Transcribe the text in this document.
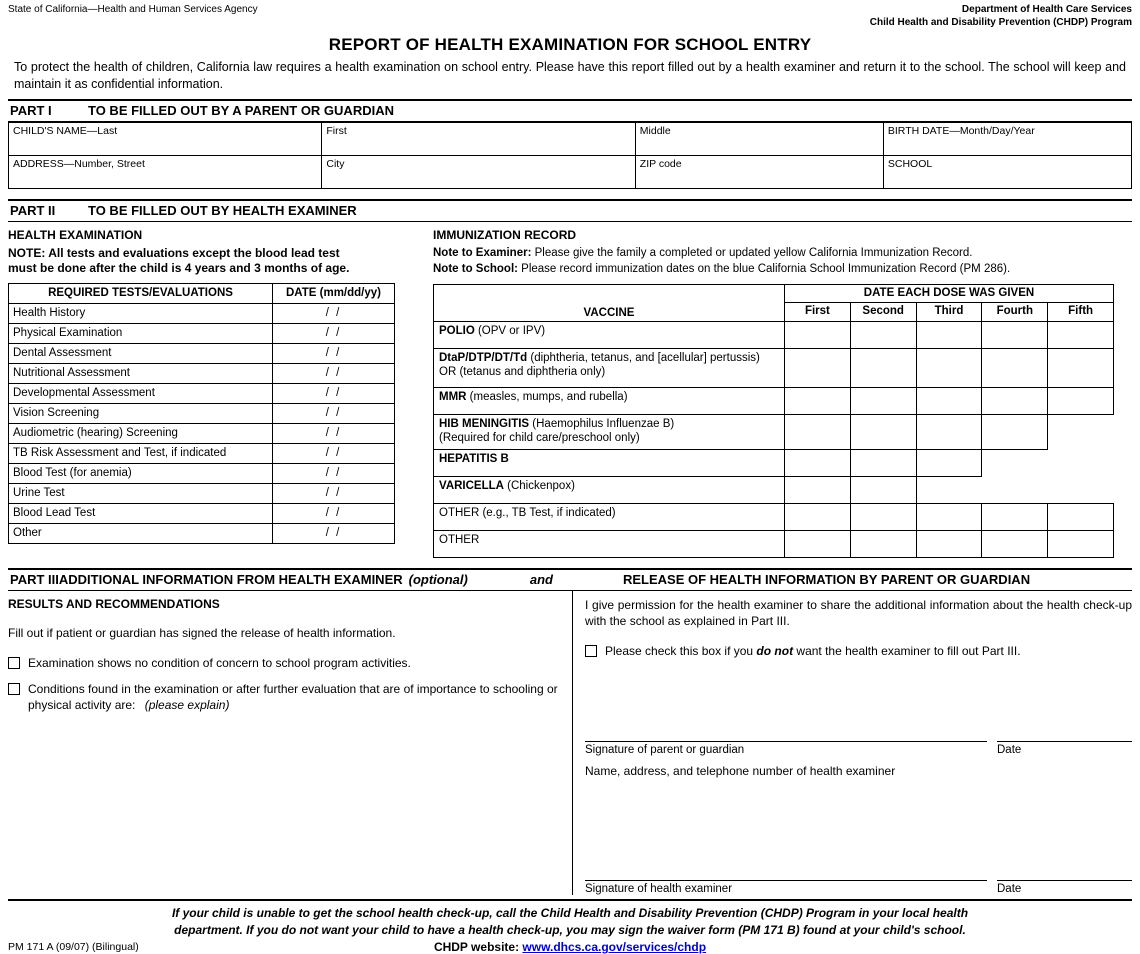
State of California—Health and Human Services Agency	Department of Health Care Services
Child Health and Disability Prevention (CHDP) Program
REPORT OF HEALTH EXAMINATION FOR SCHOOL ENTRY
To protect the health of children, California law requires a health examination on school entry. Please have this report filled out by a health examiner and return it to the school. The school will keep and maintain it as confidential information.
PART I	TO BE FILLED OUT BY A PARENT OR GUARDIAN
CHILD'S NAME—Last	First	Middle	BIRTH DATE—Month/Day/Year
ADDRESS—Number, Street	City	ZIP code	SCHOOL
PART II	TO BE FILLED OUT BY HEALTH EXAMINER
HEALTH EXAMINATION
NOTE: All tests and evaluations except the blood lead test
must be done after the child is 4 years and 3 months of age.
REQUIRED TESTS/EVALUATIONS	DATE (mm/dd/yy)
Health History	/ /
Physical Examination	/ /
Dental Assessment	/ /
Nutritional Assessment	/ /
Developmental Assessment	/ /
Vision Screening	/ /
Audiometric (hearing) Screening	/ /
TB Risk Assessment and Test, if indicated	/ /
Blood Test (for anemia)	/ /
Urine Test	/ /
Blood Lead Test	/ /
Other	/ /
IMMUNIZATION RECORD
Note to Examiner: Please give the family a completed or updated yellow California Immunization Record.
Note to School: Please record immunization dates on the blue California School Immunization Record (PM 286).
VACCINE	DATE EACH DOSE WAS GIVEN				
	First	Second	Third	Fourth	Fifth
POLIO (OPV or IPV)					
DtaP/DTP/DT/Td (diphtheria, tetanus, and [acellular] pertussis) OR (tetanus and diphtheria only)					
MMR (measles, mumps, and rubella)					
HIB MENINGITIS (Haemophilus Influenzae B)
(Required for child care/preschool only)					
HEPATITIS B					
VARICELLA (Chickenpox)					
OTHER (e.g., TB Test, if indicated)					
OTHER					
PART III ADDITIONAL INFORMATION FROM HEALTH EXAMINER (optional)	and	RELEASE OF HEALTH INFORMATION BY PARENT OR GUARDIAN
RESULTS AND RECOMMENDATIONS
Fill out if patient or guardian has signed the release of health information.
Examination shows no condition of concern to school program activities.
Conditions found in the examination or after further evaluation that are of importance to schooling or
physical activity are: (please explain)
I give permission for the health examiner to share the additional information about the health check-up with the school as explained in Part III.
Please check this box if you do not want the health examiner to fill out Part III.
Signature of parent or guardian	Date
Name, address, and telephone number of health examiner
Signature of health examiner	Date
If your child is unable to get the school health check-up, call the Child Health and Disability Prevention (CHDP) Program in your local health
department. If you do not want your child to have a health check-up, you may sign the waiver form (PM 171 B) found at your child's school.
PM 171 A (09/07) (Bilingual)	CHDP website: www.dhcs.ca.gov/services/chdp
